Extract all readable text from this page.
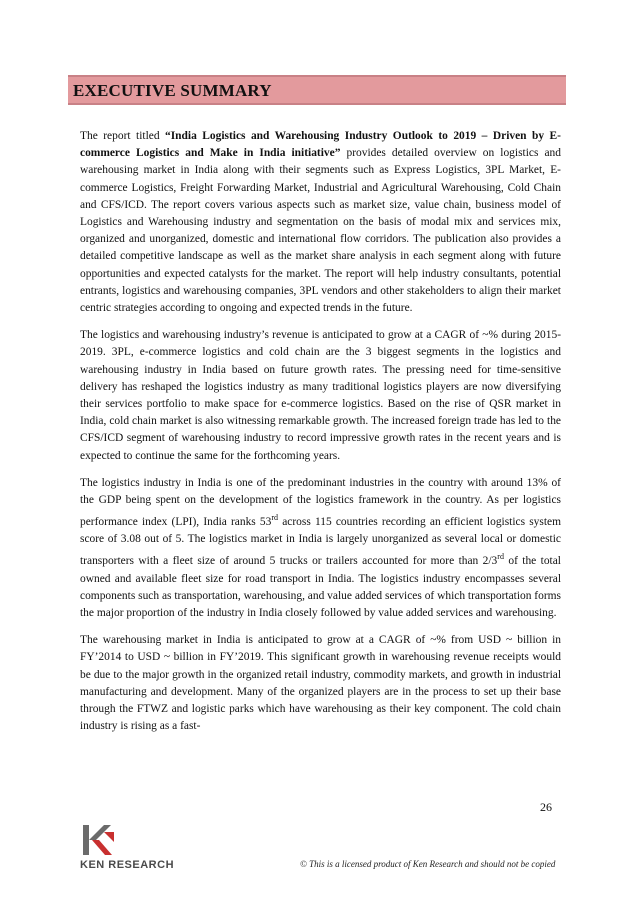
EXECUTIVE SUMMARY

The report titled “India Logistics and Warehousing Industry Outlook to 2019 – Driven by E-commerce Logistics and Make in India initiative” provides detailed overview on logistics and warehousing market in India along with their segments such as Express Logistics, 3PL Market, E-commerce Logistics, Freight Forwarding Market, Industrial and Agricultural Warehousing, Cold Chain and CFS/ICD. The report covers various aspects such as market size, value chain, business model of Logistics and Warehousing industry and segmentation on the basis of modal mix and services mix, organized and unorganized, domestic and international flow corridors. The publication also provides a detailed competitive landscape as well as the market share analysis in each segment along with future opportunities and expected catalysts for the market. The report will help industry consultants, potential entrants, logistics and warehousing companies, 3PL vendors and other stakeholders to align their market centric strategies according to ongoing and expected trends in the future.

The logistics and warehousing industry’s revenue is anticipated to grow at a CAGR of ~% during 2015-2019. 3PL, e-commerce logistics and cold chain are the 3 biggest segments in the logistics and warehousing industry in India based on future growth rates. The pressing need for time-sensitive delivery has reshaped the logistics industry as many traditional logistics players are now diversifying their services portfolio to make space for e-commerce logistics. Based on the rise of QSR market in India, cold chain market is also witnessing remarkable growth. The increased foreign trade has led to the CFS/ICD segment of warehousing industry to record impressive growth rates in the recent years and is expected to continue the same for the forthcoming years.

The logistics industry in India is one of the predominant industries in the country with around 13% of the GDP being spent on the development of the logistics framework in the country. As per logistics performance index (LPI), India ranks 53rd across 115 countries recording an efficient logistics system score of 3.08 out of 5. The logistics market in India is largely unorganized as several local or domestic transporters with a fleet size of around 5 trucks or trailers accounted for more than 2/3rd of the total owned and available fleet size for road transport in India. The logistics industry encompasses several components such as transportation, warehousing, and value added services of which transportation forms the major proportion of the industry in India closely followed by value added services and warehousing.

The warehousing market in India is anticipated to grow at a CAGR of ~% from USD ~ billion in FY’2014 to USD ~ billion in FY’2019. This significant growth in warehousing revenue receipts would be due to the major growth in the organized retail industry, commodity markets, and growth in industrial manufacturing and development. Many of the organized players are in the process to set up their base through the FTWZ and logistic parks which have warehousing as their key component. The cold chain industry is rising as a fast-

26
KEN RESEARCH	© This is a licensed product of Ken Research and should not be copied
